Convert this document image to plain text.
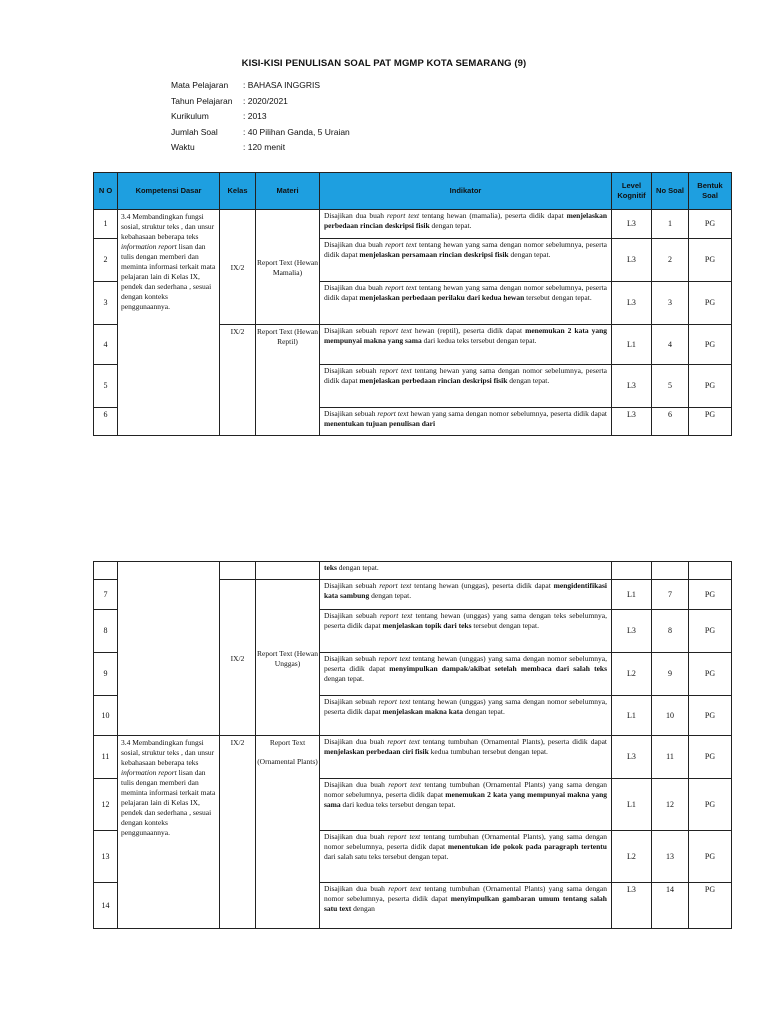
KISI-KISI PENULISAN SOAL PAT MGMP KOTA SEMARANG (9)
Mata Pelajaran	: BAHASA INGGRIS
Tahun Pelajaran	: 2020/2021
Kurikulum	: 2013
Jumlah Soal	: 40 Pilihan Ganda, 5 Uraian
Waktu	: 120 menit
N O	Kompetensi Dasar	Kelas	Materi	Indikator	Level Kognitif	No Soal	Bentuk Soal
1	3.4 Membandingkan fungsi sosial, struktur teks , dan unsur kebahasaan beberapa teks information report lisan dan tulis dengan memberi dan meminta informasi terkait mata pelajaran lain di Kelas IX, pendek dan sederhana , sesuai dengan konteks penggunaannya.	IX/2	Report Text (Hewan Mamalia)	Disajikan dua buah report text tentang hewan (mamalia), peserta didik dapat menjelaskan perbedaan rincian deskripsi fisik dengan tepat.	L3	1	PG
2				Disajikan dua buah report text tentang hewan yang sama dengan nomor sebelumnya, peserta didik dapat menjelaskan persamaan rincian deskripsi fisik dengan tepat.	L3	2	PG
3				Disajikan dua buah report text tentang hewan yang sama dengan nomor sebelumnya, peserta didik dapat menjelaskan perbedaan perilaku dari kedua hewan tersebut dengan tepat.	L3	3	PG
4		IX/2	Report Text (Hewan Reptil)	Disajikan sebuah report text hewan (reptil), peserta didik dapat menemukan 2 kata yang mempunyai makna yang sama dari kedua teks tersebut dengan tepat.	L1	4	PG
5				Disajikan sebuah report text tentang hewan yang sama dengan nomor sebelumnya, peserta didik dapat menjelaskan perbedaan rincian deskripsi fisik dengan tepat.	L3	5	PG
6				Disajikan sebuah report text hewan yang sama dengan nomor sebelumnya, peserta didik dapat menentukan tujuan penulisan dari	L3	6	PG
				teks dengan tepat.			
7		IX/2	Report Text (Hewan Unggas)	Disajikan sebuah report text tentang hewan (unggas), peserta didik dapat mengidentifikasi kata sambung dengan tepat.	L1	7	PG
8				Disajikan sebuah report text tentang hewan (unggas) yang sama dengan teks sebelumnya, peserta didik dapat menjelaskan topik dari teks tersebut dengan tepat.	L3	8	PG
9				Disajikan sebuah report text tentang hewan (unggas) yang sama dengan nomor sebelumnya, peserta didik dapat menyimpulkan dampak/akibat setelah membaca dari salah teks dengan tepat.	L2	9	PG
10				Disajikan sebuah report text tentang hewan (unggas) yang sama dengan nomor sebelumnya, peserta didik dapat menjelaskan makna kata dengan tepat.	L1	10	PG
11	3.4 Membandingkan fungsi sosial, struktur teks , dan unsur kebahasaan beberapa teks information report lisan dan tulis dengan memberi dan meminta informasi terkait mata pelajaran lain di Kelas IX, pendek dan sederhana , sesuai dengan konteks penggunaannya.	IX/2	Report Text
(Ornamental Plants)	Disajikan dua buah report text tentang tumbuhan (Ornamental Plants), peserta didik dapat menjelaskan perbedaan ciri fisik kedua tumbuhan tersebut dengan tepat.	L3	11	PG
12				Disajikan dua buah report text tentang tumbuhan (Ornamental Plants) yang sama dengan nomor sebelumnya, peserta didik dapat menemukan 2 kata yang mempunyai makna yang sama dari kedua teks tersebut dengan tepat.	L1	12	PG
13				Disajikan dua buah report text tentang tumbuhan (Ornamental Plants), yang sama dengan nomor sebelumnya, peserta didik dapat menentukan ide pokok pada paragraph tertentu dari salah satu teks tersebut dengan tepat.	L2	13	PG
14				Disajikan dua buah report text tentang tumbuhan (Ornamental Plants) yang sama dengan nomor sebelumnya, peserta didik dapat menyimpulkan gambaran umum tentang salah satu text dengan	L3	14	PG
